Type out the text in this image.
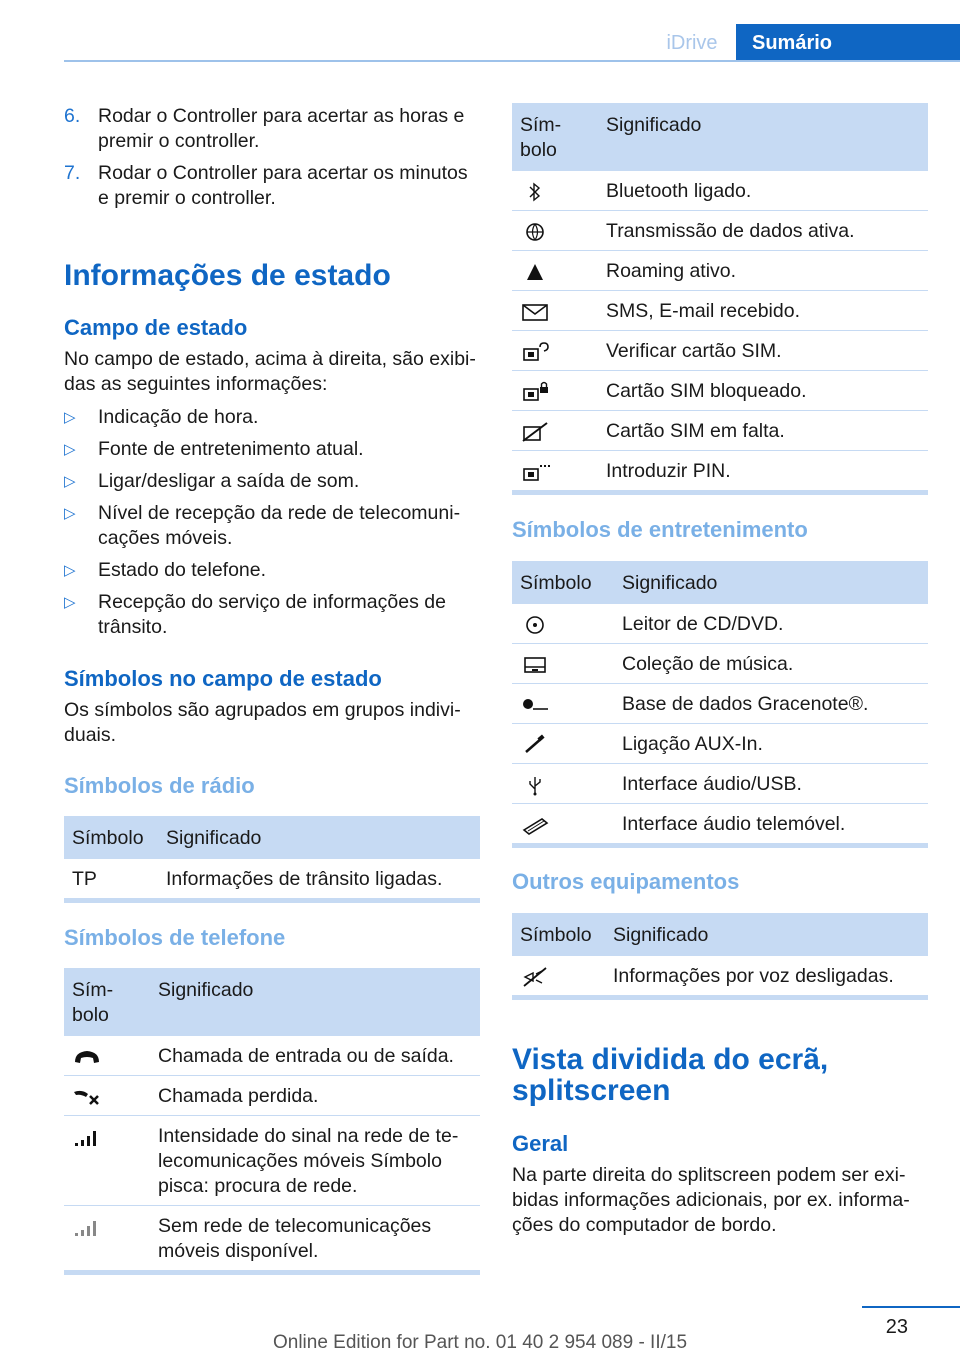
iDrive	Sumário
6. Rodar o Controller para acertar as horas e premir o controller.
7. Rodar o Controller para acertar os minutos e premir o controller.
Informações de estado
Campo de estado
No campo de estado, acima à direita, são exibidas as seguintes informações:
▷	Indicação de hora.
▷	Fonte de entretenimento atual.
▷	Ligar/desligar a saída de som.
▷	Nível de recepção da rede de telecomunicações móveis.
▷	Estado do telefone.
▷	Recepção do serviço de informações de trânsito.
Símbolos no campo de estado
Os símbolos são agrupados em grupos individuais.
Símbolos de rádio
Símbolo	Significado
TP	Informações de trânsito ligadas.
Símbolos de telefone
Símbolo	Significado

	Chamada de entrada ou de saída.

	Chamada perdida.

	Intensidade do sinal na rede de telecomunicações móveis Símbolo pisca: procura de rede.

	Sem rede de telecomunicações móveis disponível.
Símbolo	Significado

	Bluetooth ligado.

	Transmissão de dados ativa.

	Roaming ativo.

	SMS, E-mail recebido.

	Verificar cartão SIM.

	Cartão SIM bloqueado.

	Cartão SIM em falta.

	Introduzir PIN.
Símbolos de entretenimento
Símbolo	Significado

	Leitor de CD/DVD.

	Coleção de música.

	Base de dados Gracenote®.

	Ligação AUX-In.

	Interface áudio/USB.

	Interface áudio telemóvel.
Outros equipamentos
Símbolo	Significado

	Informações por voz desligadas.
Vista dividida do ecrã, splitscreen
Geral
Na parte direita do splitscreen podem ser exibidas informações adicionais, por ex. informações do computador de bordo.
23
Online Edition for Part no. 01 40 2 954 089 - II/15
